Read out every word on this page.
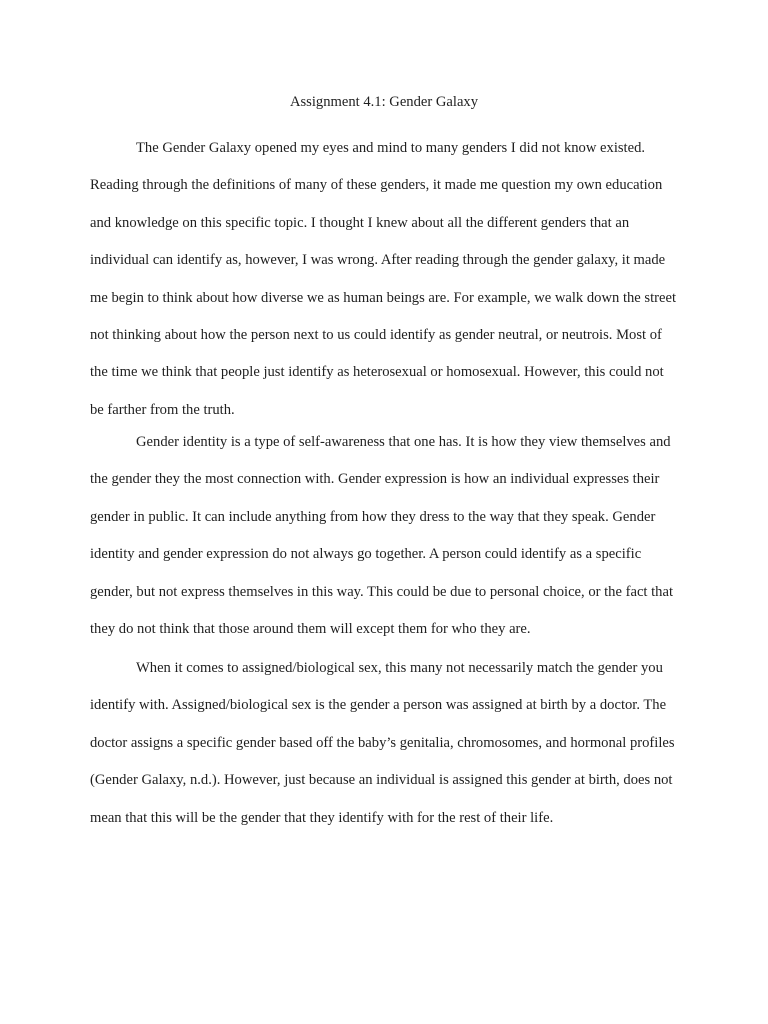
Assignment 4.1: Gender Galaxy

The Gender Galaxy opened my eyes and mind to many genders I did not know existed. Reading through the definitions of many of these genders, it made me question my own education and knowledge on this specific topic. I thought I knew about all the different genders that an individual can identify as, however, I was wrong. After reading through the gender galaxy, it made me begin to think about how diverse we as human beings are. For example, we walk down the street not thinking about how the person next to us could identify as gender neutral, or neutrois. Most of the time we think that people just identify as heterosexual or homosexual. However, this could not be farther from the truth.

Gender identity is a type of self-awareness that one has. It is how they view themselves and the gender they the most connection with. Gender expression is how an individual expresses their gender in public. It can include anything from how they dress to the way that they speak. Gender identity and gender expression do not always go together. A person could identify as a specific gender, but not express themselves in this way. This could be due to personal choice, or the fact that they do not think that those around them will except them for who they are.

When it comes to assigned/biological sex, this many not necessarily match the gender you identify with. Assigned/biological sex is the gender a person was assigned at birth by a doctor. The doctor assigns a specific gender based off the baby’s genitalia, chromosomes, and hormonal profiles (Gender Galaxy, n.d.). However, just because an individual is assigned this gender at birth, does not mean that this will be the gender that they identify with for the rest of their life.
